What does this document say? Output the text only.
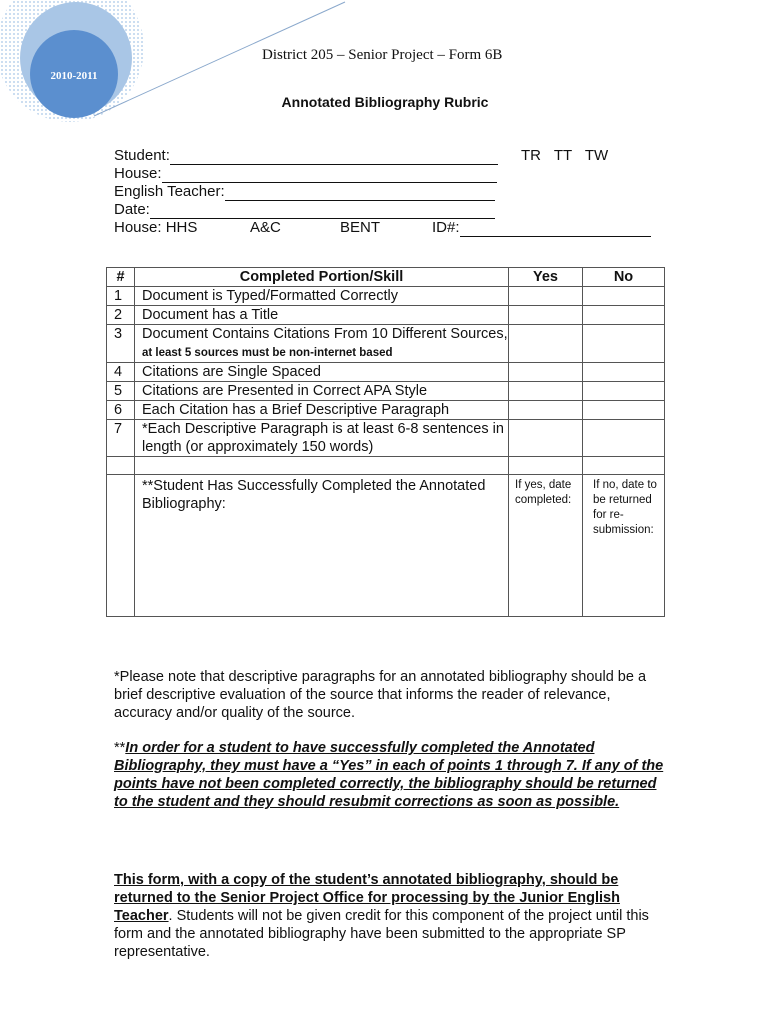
2010-2011
District 205 – Senior Project – Form 6B
Annotated Bibliography Rubric
Student:
House:
English Teacher:
Date:
House: HHS	A&C	BENT	ID#:
TR TT TW
#	Completed Portion/Skill	Yes	No
1	Document is Typed/Formatted Correctly		
2	Document has a Title		
3	Document Contains Citations From 10 Different Sources, at least 5 sources must be non-internet based		
4	Citations are Single Spaced		
5	Citations are Presented in Correct APA Style		
6	Each Citation has a Brief Descriptive Paragraph		
7	*Each Descriptive Paragraph is at least 6-8 sentences in length (or approximately 150 words)		

	**Student Has Successfully Completed the Annotated Bibliography:	If yes, date completed:	If no, date to be returned for re-submission:
*Please note that descriptive paragraphs for an annotated bibliography should be a brief descriptive evaluation of the source that informs the reader of relevance, accuracy and/or quality of the source.
**In order for a student to have successfully completed the Annotated Bibliography, they must have a “Yes” in each of points 1 through 7. If any of the points have not been completed correctly, the bibliography should be returned to the student and they should resubmit corrections as soon as possible.
This form, with a copy of the student’s annotated bibliography, should be returned to the Senior Project Office for processing by the Junior English Teacher. Students will not be given credit for this component of the project until this form and the annotated bibliography have been submitted to the appropriate SP representative.
